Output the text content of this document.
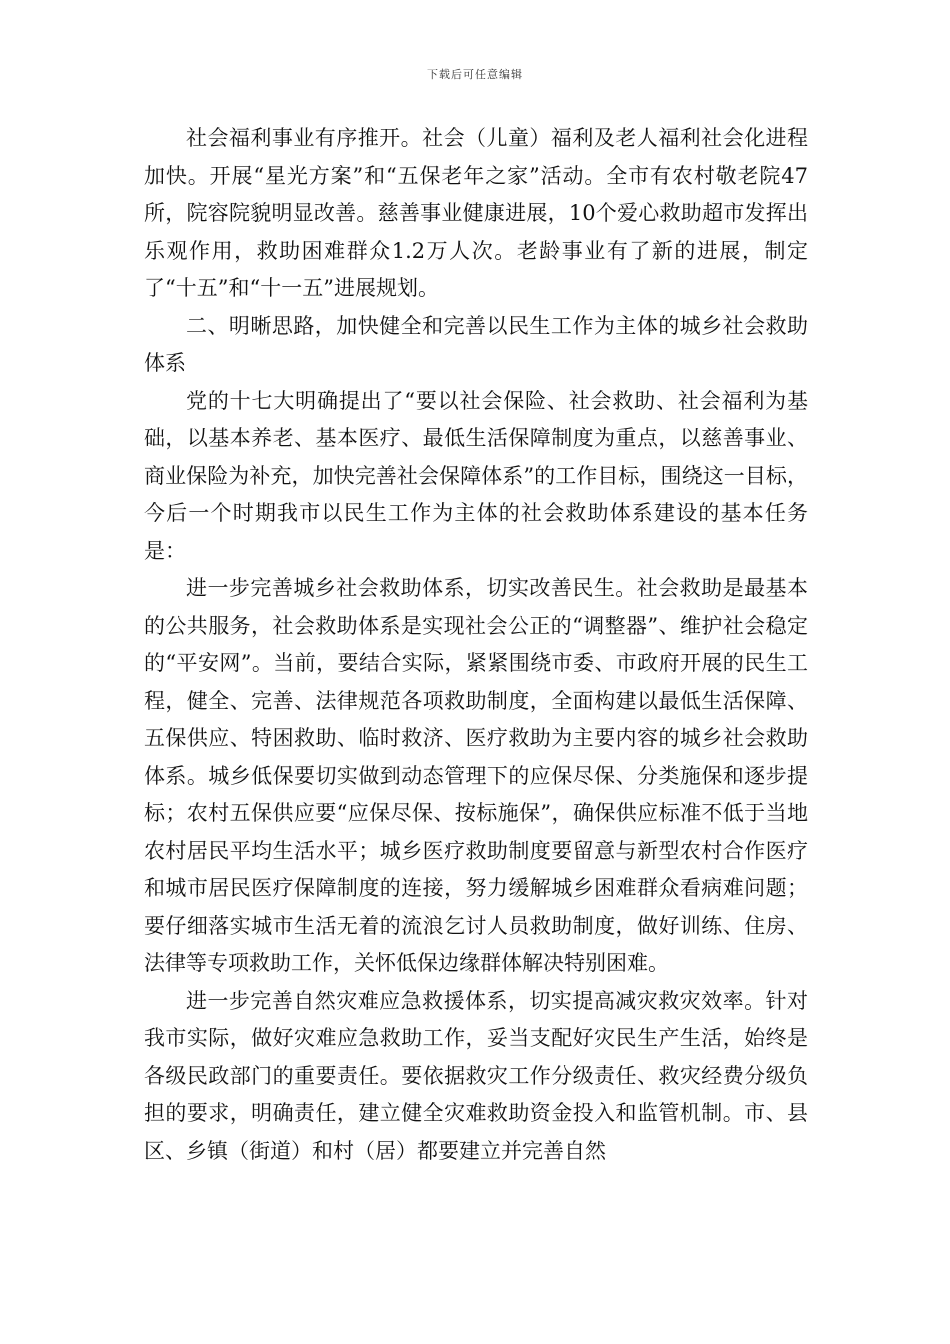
下载后可任意编辑

社会福利事业有序推开。社会（儿童）福利及老人福利社会化进程加快。开展“星光方案”和“五保老年之家”活动。全市有农村敬老院47所，院容院貌明显改善。慈善事业健康进展，10个爱心救助超市发挥出乐观作用，救助困难群众1.2万人次。老龄事业有了新的进展，制定了“十五”和“十一五”进展规划。

二、明晰思路，加快健全和完善以民生工作为主体的城乡社会救助体系

党的十七大明确提出了“要以社会保险、社会救助、社会福利为基础，以基本养老、基本医疗、最低生活保障制度为重点，以慈善事业、商业保险为补充，加快完善社会保障体系”的工作目标，围绕这一目标，今后一个时期我市以民生工作为主体的社会救助体系建设的基本任务是：

进一步完善城乡社会救助体系，切实改善民生。社会救助是最基本的公共服务，社会救助体系是实现社会公正的“调整器”、维护社会稳定的“平安网”。当前，要结合实际，紧紧围绕市委、市政府开展的民生工程，健全、完善、法律规范各项救助制度，全面构建以最低生活保障、五保供应、特困救助、临时救济、医疗救助为主要内容的城乡社会救助体系。城乡低保要切实做到动态管理下的应保尽保、分类施保和逐步提标；农村五保供应要“应保尽保、按标施保”，确保供应标准不低于当地农村居民平均生活水平；城乡医疗救助制度要留意与新型农村合作医疗和城市居民医疗保障制度的连接，努力缓解城乡困难群众看病难问题；要仔细落实城市生活无着的流浪乞讨人员救助制度，做好训练、住房、法律等专项救助工作，关怀低保边缘群体解决特别困难。

进一步完善自然灾难应急救援体系，切实提高减灾救灾效率。针对我市实际，做好灾难应急救助工作，妥当支配好灾民生产生活，始终是各级民政部门的重要责任。要依据救灾工作分级责任、救灾经费分级负担的要求，明确责任，建立健全灾难救助资金投入和监管机制。市、县区、乡镇（街道）和村（居）都要建立并完善自然
